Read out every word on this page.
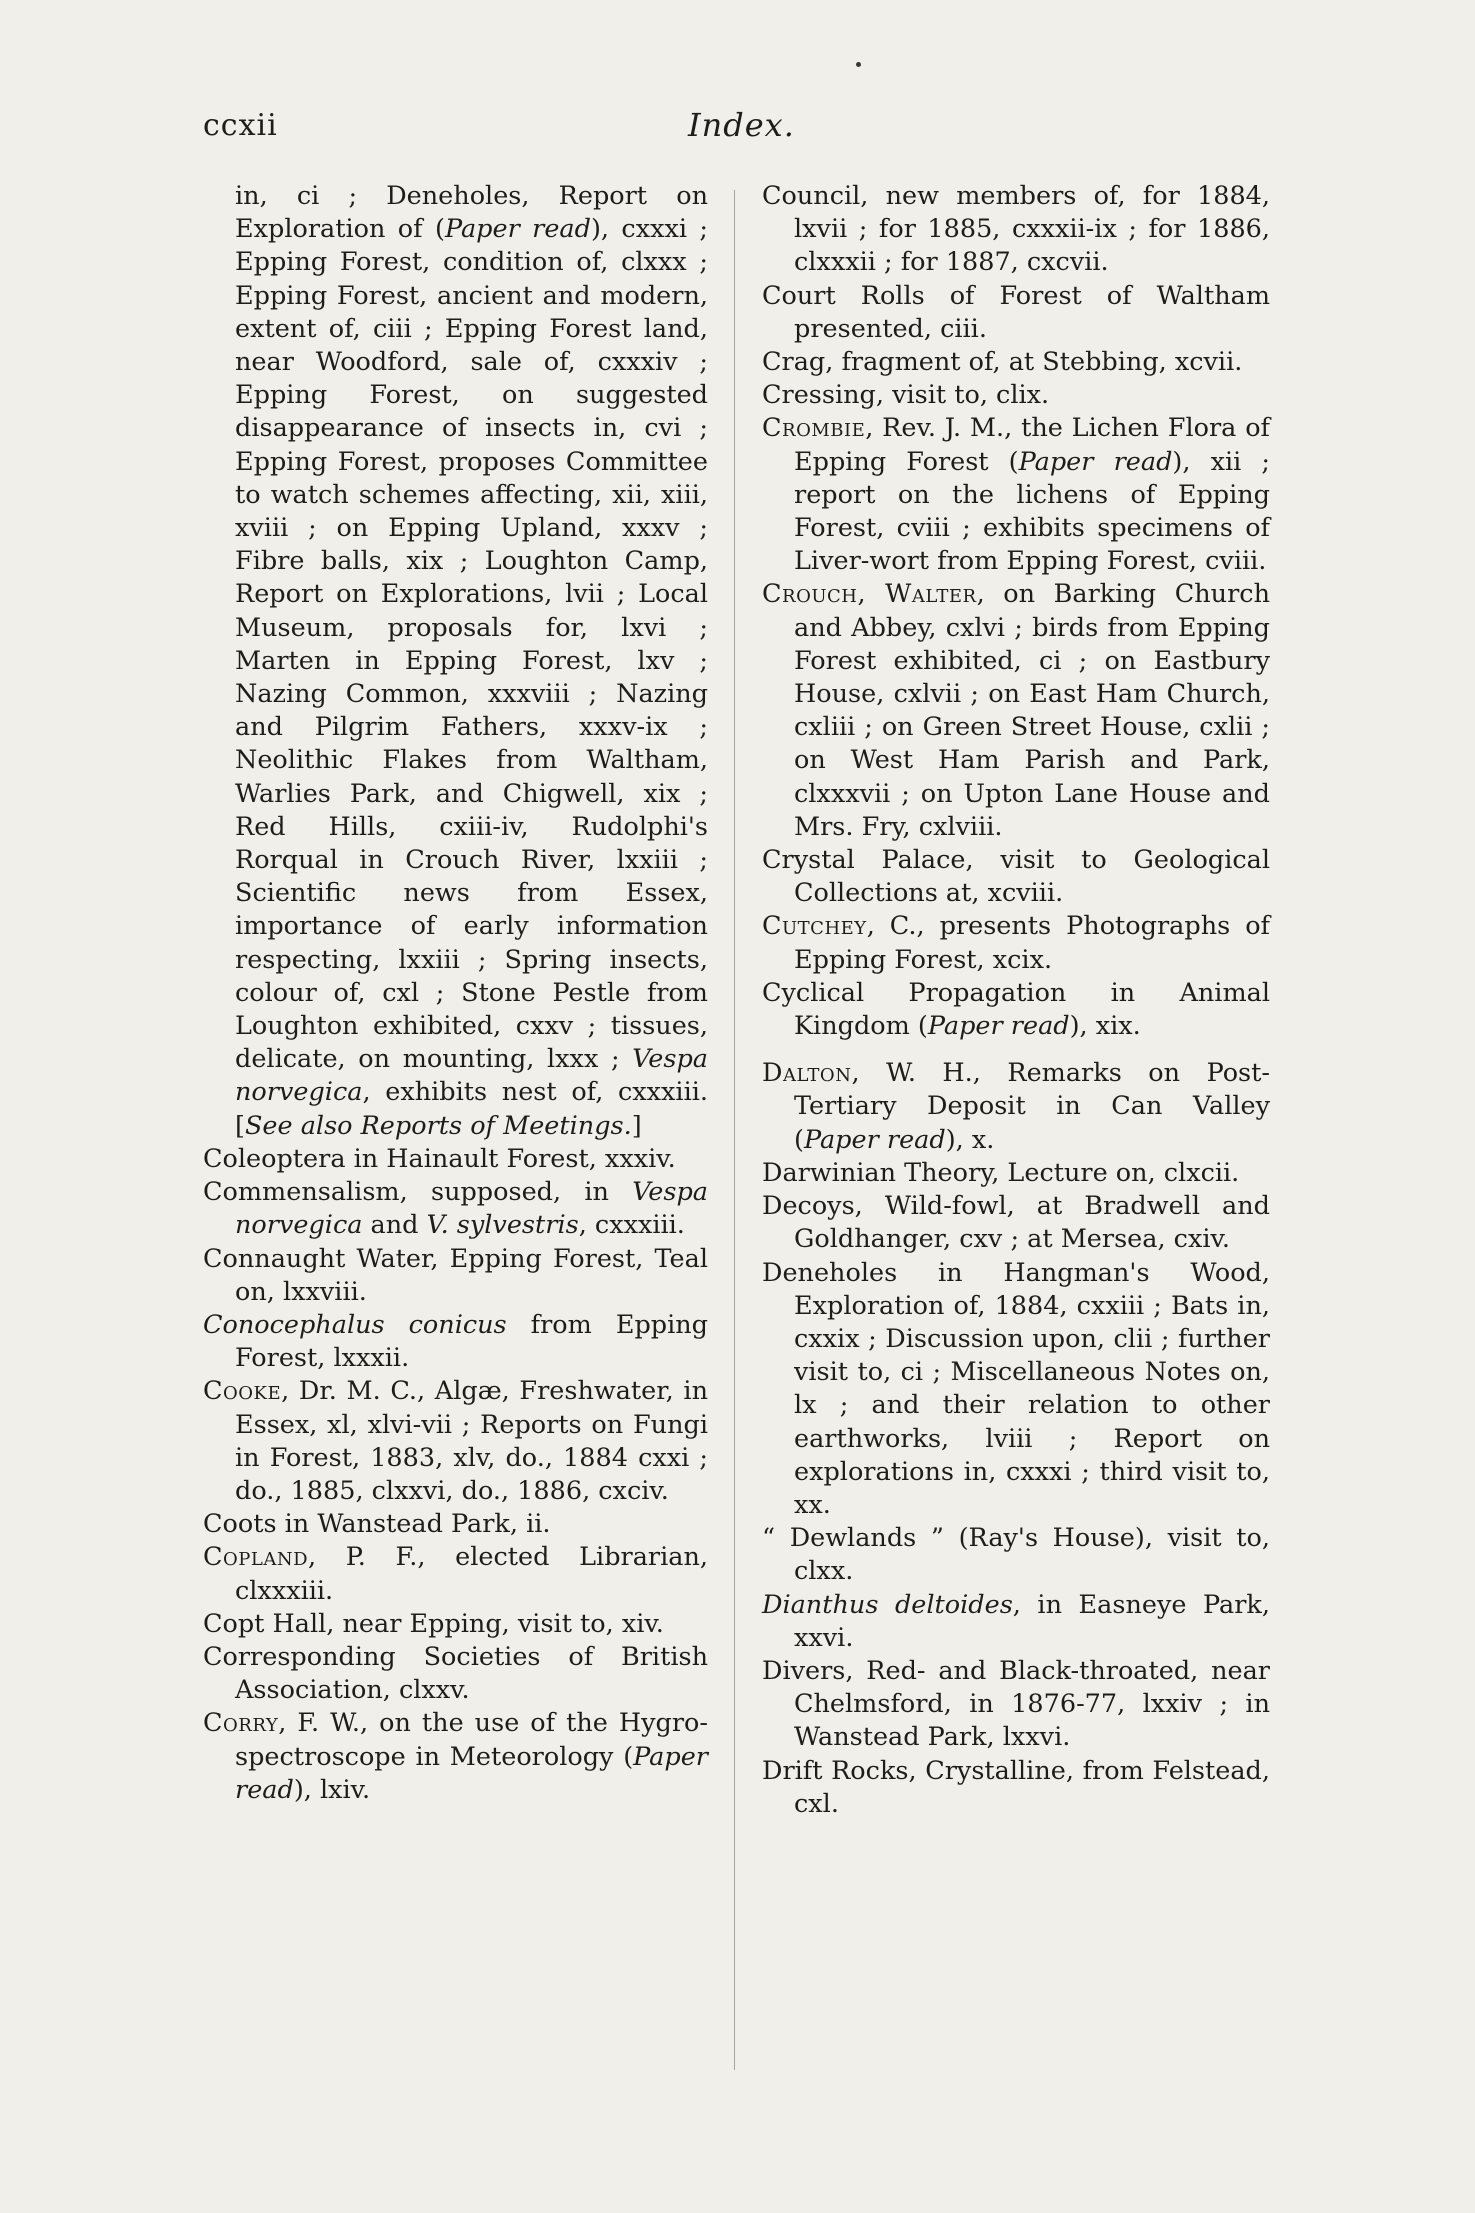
ccxii	Index.
in, ci ; Deneholes, Report on Exploration of (Paper read), cxxxi ; Epping Forest, condition of, clxxx ; Epping Forest, ancient and modern, extent of, ciii ; Epping Forest land, near Woodford, sale of, cxxxiv ; Epping Forest, on suggested disappearance of insects in, cvi ; Epping Forest, proposes Committee to watch schemes affecting, xii, xiii, xviii ; on Epping Upland, xxxv ; Fibre balls, xix ; Loughton Camp, Report on Explorations, lvii ; Local Museum, proposals for, lxvi ; Marten in Epping Forest, lxv ; Nazing Common, xxxviii ; Nazing and Pilgrim Fathers, xxxv-ix ; Neolithic Flakes from Waltham, Warlies Park, and Chigwell, xix ; Red Hills, cxiii-iv, Rudolphi's Rorqual in Crouch River, lxxiii ; Scientific news from Essex, importance of early information respecting, lxxiii ; Spring insects, colour of, cxl ; Stone Pestle from Loughton exhibited, cxxv ; tissues, delicate, on mounting, lxxx ; Vespa norvegica, exhibits nest of, cxxxiii. [See also Reports of Meetings.]
Coleoptera in Hainault Forest, xxxiv.
Commensalism, supposed, in Vespa norvegica and V. sylvestris, cxxxiii.
Connaught Water, Epping Forest, Teal on, lxxviii.
Conocephalus conicus from Epping Forest, lxxxii.
Cooke, Dr. M. C., Algæ, Freshwater, in Essex, xl, xlvi-vii ; Reports on Fungi in Forest, 1883, xlv, do., 1884 cxxi ; do., 1885, clxxvi, do., 1886, cxciv.
Coots in Wanstead Park, ii.
Copland, P. F., elected Librarian, clxxxiii.
Copt Hall, near Epping, visit to, xiv.
Corresponding Societies of British Association, clxxv.
Corry, F. W., on the use of the Hygro-spectroscope in Meteorology (Paper read), lxiv.
Council, new members of, for 1884, lxvii ; for 1885, cxxxii-ix ; for 1886, clxxxii ; for 1887, cxcvii.
Court Rolls of Forest of Waltham presented, ciii.
Crag, fragment of, at Stebbing, xcvii.
Cressing, visit to, clix.
Crombie, Rev. J. M., the Lichen Flora of Epping Forest (Paper read), xii ; report on the lichens of Epping Forest, cviii ; exhibits specimens of Liver-wort from Epping Forest, cviii.
Crouch, Walter, on Barking Church and Abbey, cxlvi ; birds from Epping Forest exhibited, ci ; on Eastbury House, cxlvii ; on East Ham Church, cxliii ; on Green Street House, cxlii ; on West Ham Parish and Park, clxxxvii ; on Upton Lane House and Mrs. Fry, cxlviii.
Crystal Palace, visit to Geological Collections at, xcviii.
Cutchey, C., presents Photographs of Epping Forest, xcix.
Cyclical Propagation in Animal Kingdom (Paper read), xix.
Dalton, W. H., Remarks on Post-Tertiary Deposit in Can Valley (Paper read), x.
Darwinian Theory, Lecture on, clxcii.
Decoys, Wild-fowl, at Bradwell and Goldhanger, cxv ; at Mersea, cxiv.
Deneholes in Hangman's Wood, Exploration of, 1884, cxxiii ; Bats in, cxxix ; Discussion upon, clii ; further visit to, ci ; Miscellaneous Notes on, lx ; and their relation to other earthworks, lviii ; Report on explorations in, cxxxi ; third visit to, xx.
“ Dewlands ” (Ray's House), visit to, clxx.
Dianthus deltoides, in Easneye Park, xxvi.
Divers, Red- and Black-throated, near Chelmsford, in 1876-77, lxxiv ; in Wanstead Park, lxxvi.
Drift Rocks, Crystalline, from Felstead, cxl.
